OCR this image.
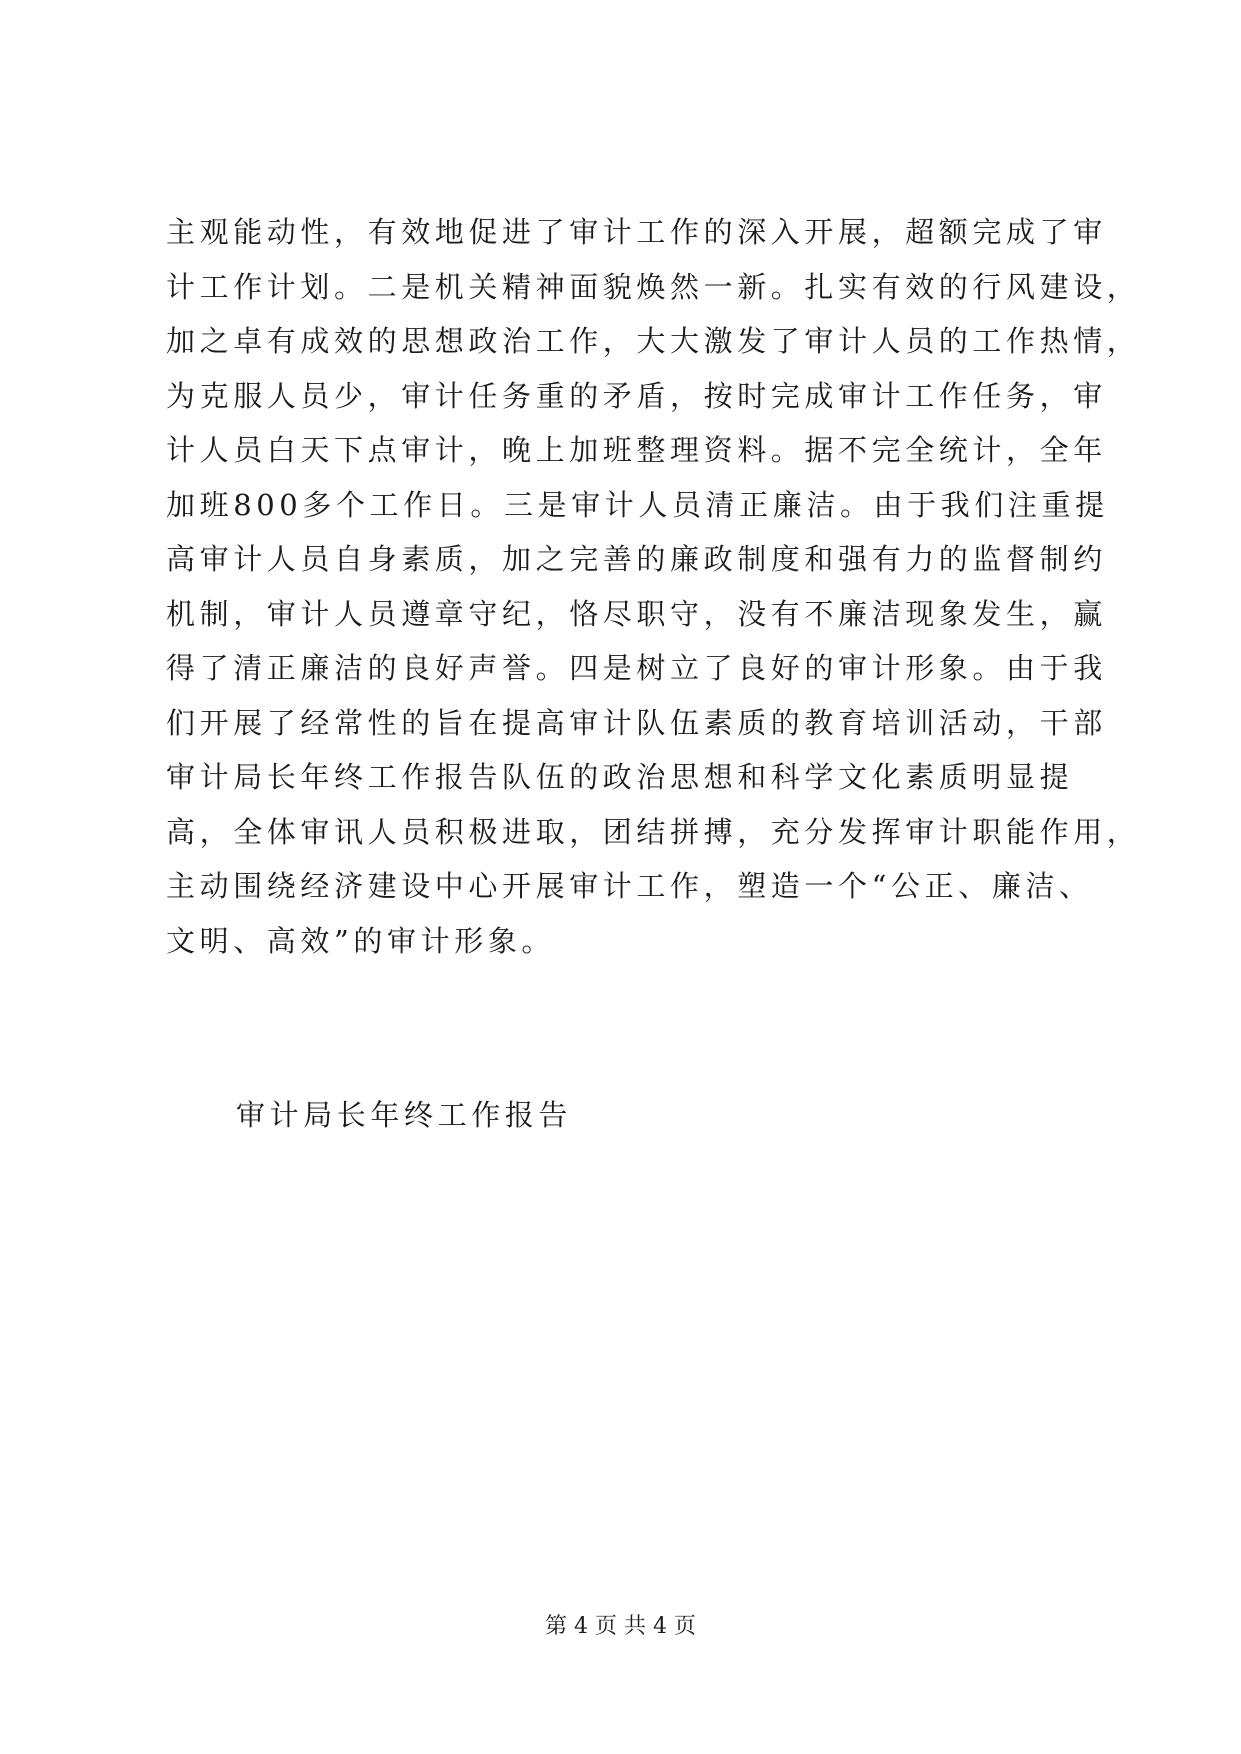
主观能动性，有效地促进了审计工作的深入开展，超额完成了审
计工作计划。二是机关精神面貌焕然一新。扎实有效的行风建设，
加之卓有成效的思想政治工作，大大激发了审计人员的工作热情，
为克服人员少，审计任务重的矛盾，按时完成审计工作任务，审
计人员白天下点审计，晚上加班整理资料。据不完全统计，全年
加班800多个工作日。三是审计人员清正廉洁。由于我们注重提
高审计人员自身素质，加之完善的廉政制度和强有力的监督制约
机制，审计人员遵章守纪，恪尽职守，没有不廉洁现象发生，赢
得了清正廉洁的良好声誉。四是树立了良好的审计形象。由于我
们开展了经常性的旨在提高审计队伍素质的教育培训活动，干部
审计局长年终工作报告队伍的政治思想和科学文化素质明显提
高，全体审讯人员积极进取，团结拼搏，充分发挥审计职能作用，
主动围绕经济建设中心开展审计工作，塑造一个“公正、廉洁、
文明、高效”的审计形象。
审计局长年终工作报告
第 4 页 共 4 页
